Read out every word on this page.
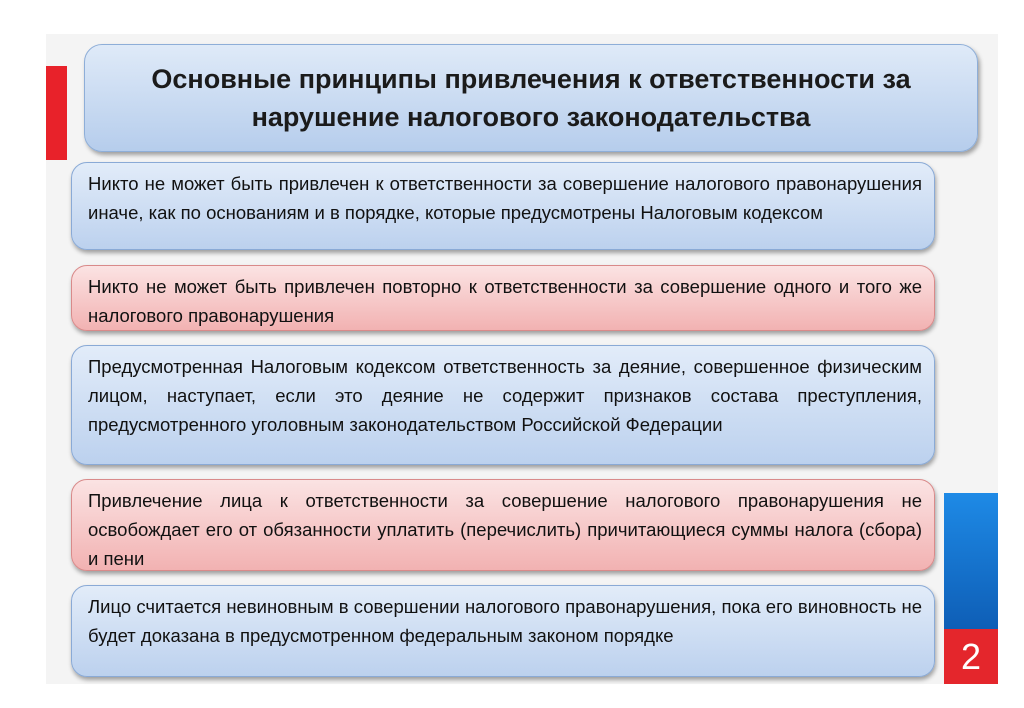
2
Основные принципы привлечения к ответственности за нарушение налогового законодательства

Никто не может быть привлечен к ответственности за совершение налогового правонарушения иначе, как по основаниям и в порядке, которые предусмотрены Налоговым кодексом

Никто не может быть привлечен повторно к ответственности за совершение одного и того же налогового правонарушения

Предусмотренная Налоговым кодексом ответственность за деяние, совершенное физическим лицом, наступает, если это деяние не содержит признаков состава преступления, предусмотренного уголовным законодательством Российской Федерации

Привлечение лица к ответственности за совершение налогового правонарушения не освобождает его от обязанности уплатить (перечислить) причитающиеся суммы налога (сбора) и пени

Лицо считается невиновным в совершении налогового правонарушения, пока его виновность не будет доказана в предусмотренном федеральным законом порядке
